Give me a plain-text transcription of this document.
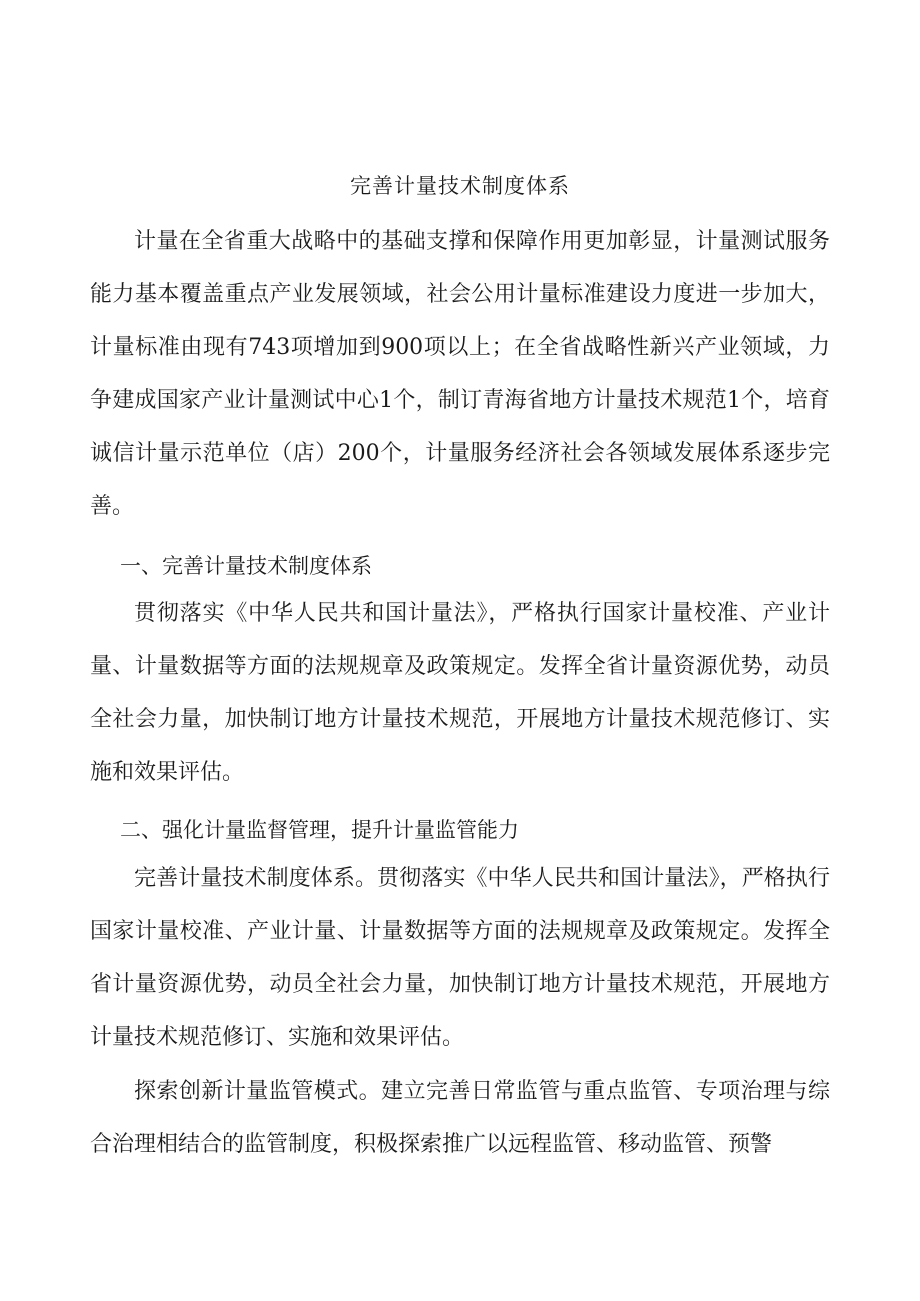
完善计量技术制度体系

计量在全省重大战略中的基础支撑和保障作用更加彰显，计量测试服务能力基本覆盖重点产业发展领域，社会公用计量标准建设力度进一步加大，计量标准由现有743项增加到900项以上；在全省战略性新兴产业领域，力争建成国家产业计量测试中心1个，制订青海省地方计量技术规范1个，培育诚信计量示范单位（店）200个，计量服务经济社会各领域发展体系逐步完善。

一、完善计量技术制度体系

贯彻落实《中华人民共和国计量法》，严格执行国家计量校准、产业计量、计量数据等方面的法规规章及政策规定。发挥全省计量资源优势，动员全社会力量，加快制订地方计量技术规范，开展地方计量技术规范修订、实施和效果评估。

二、强化计量监督管理，提升计量监管能力

完善计量技术制度体系。贯彻落实《中华人民共和国计量法》，严格执行国家计量校准、产业计量、计量数据等方面的法规规章及政策规定。发挥全省计量资源优势，动员全社会力量，加快制订地方计量技术规范，开展地方计量技术规范修订、实施和效果评估。

探索创新计量监管模式。建立完善日常监管与重点监管、专项治理与综合治理相结合的监管制度，积极探索推广以远程监管、移动监管、预警
